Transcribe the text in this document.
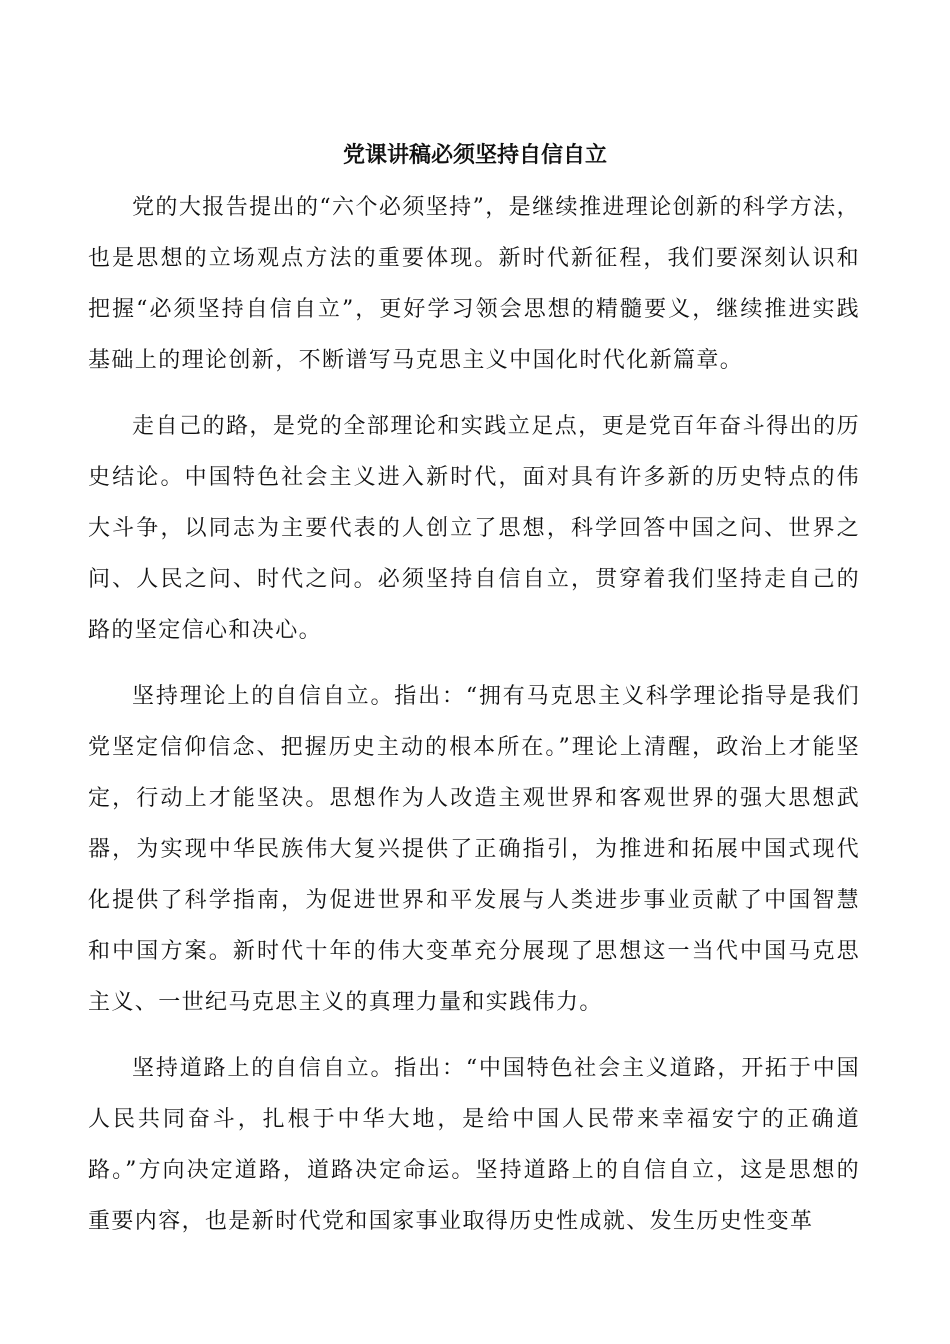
党课讲稿必须坚持自信自立

党的大报告提出的“六个必须坚持”，是继续推进理论创新的科学方法，也是思想的立场观点方法的重要体现。新时代新征程，我们要深刻认识和把握“必须坚持自信自立”，更好学习领会思想的精髓要义，继续推进实践基础上的理论创新，不断谱写马克思主义中国化时代化新篇章。

走自己的路，是党的全部理论和实践立足点，更是党百年奋斗得出的历史结论。中国特色社会主义进入新时代，面对具有许多新的历史特点的伟大斗争，以同志为主要代表的人创立了思想，科学回答中国之问、世界之问、人民之问、时代之问。必须坚持自信自立，贯穿着我们坚持走自己的路的坚定信心和决心。

坚持理论上的自信自立。指出：“拥有马克思主义科学理论指导是我们党坚定信仰信念、把握历史主动的根本所在。”理论上清醒，政治上才能坚定，行动上才能坚决。思想作为人改造主观世界和客观世界的强大思想武器，为实现中华民族伟大复兴提供了正确指引，为推进和拓展中国式现代化提供了科学指南，为促进世界和平发展与人类进步事业贡献了中国智慧和中国方案。新时代十年的伟大变革充分展现了思想这一当代中国马克思主义、一世纪马克思主义的真理力量和实践伟力。

坚持道路上的自信自立。指出：“中国特色社会主义道路，开拓于中国人民共同奋斗，扎根于中华大地，是给中国人民带来幸福安宁的正确道路。”方向决定道路，道路决定命运。坚持道路上的自信自立，这是思想的重要内容，也是新时代党和国家事业取得历史性成就、发生历史性变革
